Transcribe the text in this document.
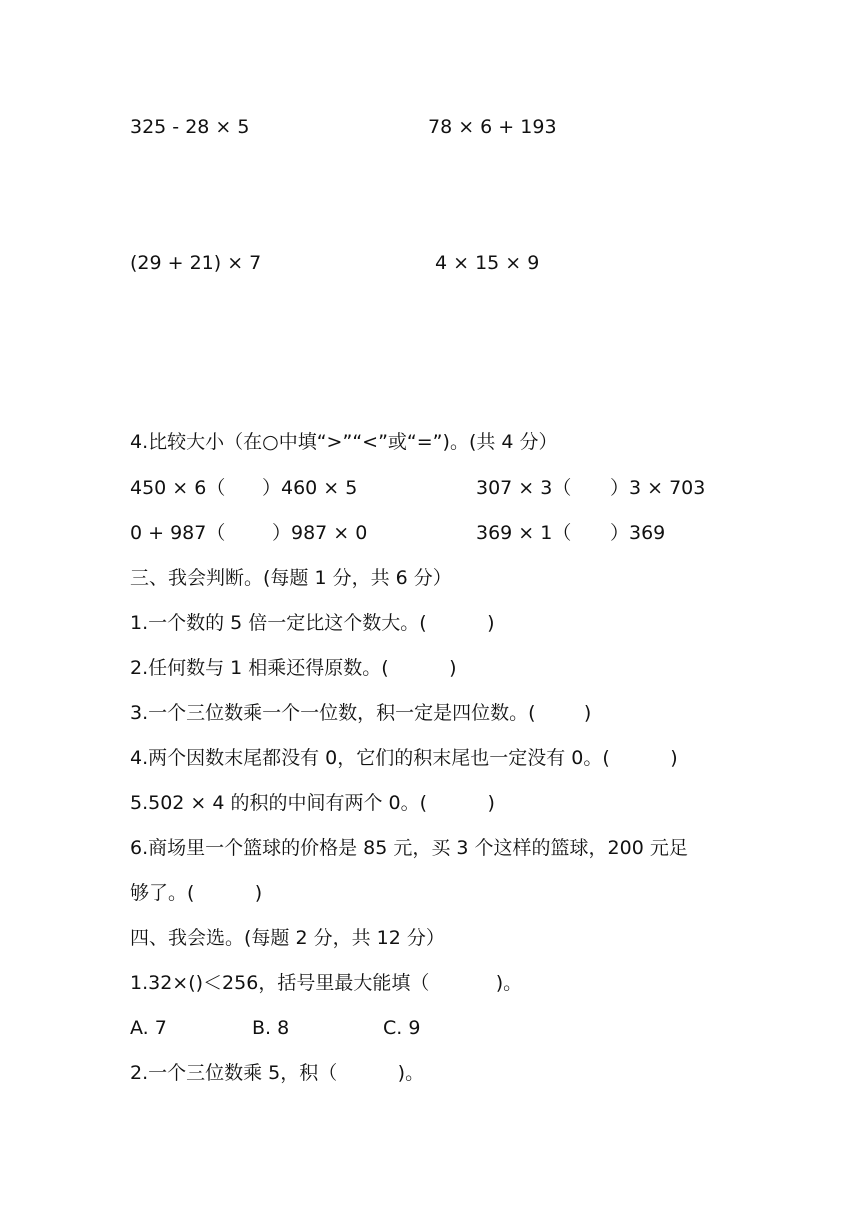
325 - 28 × 5	78 × 6 + 193
(29 + 21) × 7	4 × 15 × 9
4.比较大小（在○中填“>”“<”或“=”)。(共 4 分）
450 × 6（ ）460 × 5	307 × 3（ ）3 × 703
0 + 987（ ）987 × 0	369 × 1（ ）369
三、我会判断。(每题 1 分，共 6 分）
1.一个数的 5 倍一定比这个数大。(          )
2.任何数与 1 相乘还得原数。(          )
3.一个三位数乘一个一位数，积一定是四位数。(        )
4.两个因数末尾都没有 0，它们的积末尾也一定没有 0。(          )
5.502 × 4 的积的中间有两个 0。(          )
6.商场里一个篮球的价格是 85 元，买 3 个这样的篮球，200 元足
够了。(          )
四、我会选。(每题 2 分，共 12 分）
1.32×()＜256，括号里最大能填（           )。
A. 7	B. 8	C. 9
2.一个三位数乘 5，积（          )。
